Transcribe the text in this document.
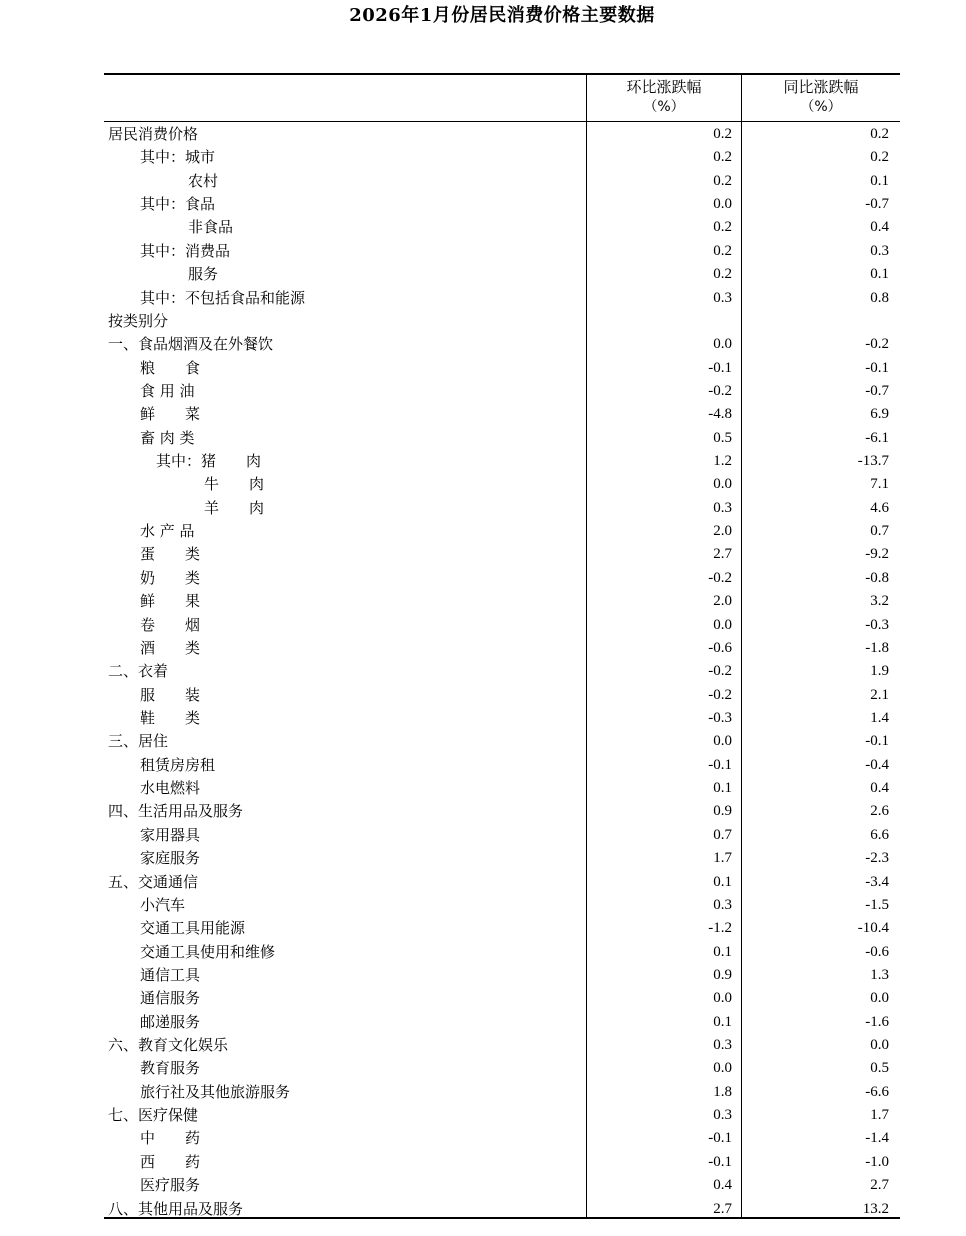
2026年1月份居民消费价格主要数据
环比涨跌幅
（%）
同比涨跌幅
（%）
居民消费价格	0.2	0.2
其中：城市	0.2	0.2
农村	0.2	0.1
其中：食品	0.0	-0.7
非食品	0.2	0.4
其中：消费品	0.2	0.3
服务	0.2	0.1
其中：不包括食品和能源	0.3	0.8
按类别分
一、食品烟酒及在外餐饮	0.0	-0.2
粮　　食	-0.1	-0.1
食 用 油	-0.2	-0.7
鲜　　菜	-4.8	6.9
畜 肉 类	0.5	-6.1
其中：猪　　肉	1.2	-13.7
牛　　肉	0.0	7.1
羊　　肉	0.3	4.6
水 产 品	2.0	0.7
蛋　　类	2.7	-9.2
奶　　类	-0.2	-0.8
鲜　　果	2.0	3.2
卷　　烟	0.0	-0.3
酒　　类	-0.6	-1.8
二、衣着	-0.2	1.9
服　　装	-0.2	2.1
鞋　　类	-0.3	1.4
三、居住	0.0	-0.1
租赁房房租	-0.1	-0.4
水电燃料	0.1	0.4
四、生活用品及服务	0.9	2.6
家用器具	0.7	6.6
家庭服务	1.7	-2.3
五、交通通信	0.1	-3.4
小汽车	0.3	-1.5
交通工具用能源	-1.2	-10.4
交通工具使用和维修	0.1	-0.6
通信工具	0.9	1.3
通信服务	0.0	0.0
邮递服务	0.1	-1.6
六、教育文化娱乐	0.3	0.0
教育服务	0.0	0.5
旅行社及其他旅游服务	1.8	-6.6
七、医疗保健	0.3	1.7
中　　药	-0.1	-1.4
西　　药	-0.1	-1.0
医疗服务	0.4	2.7
八、其他用品及服务	2.7	13.2
